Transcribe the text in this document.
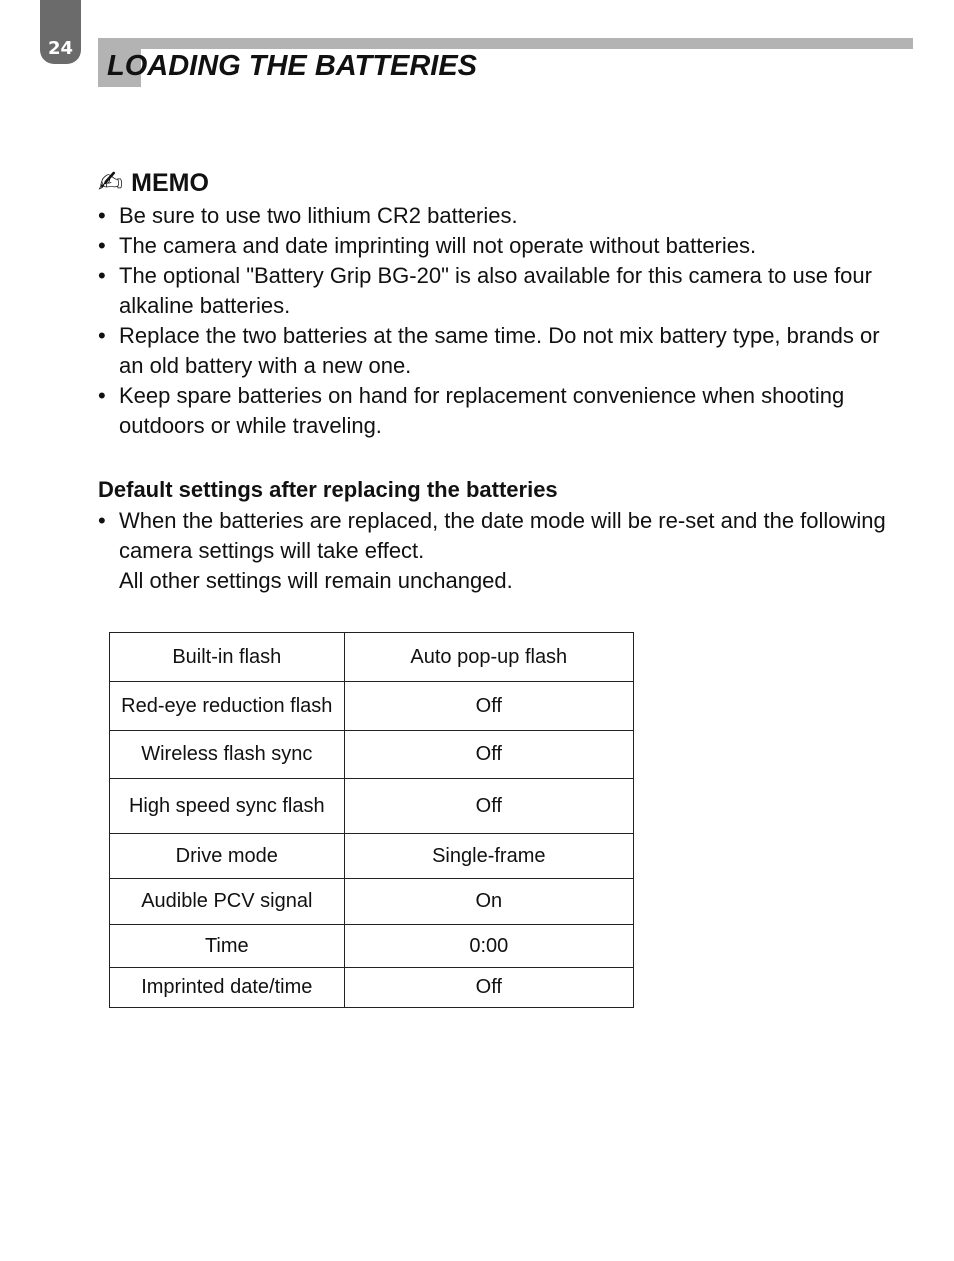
24
LOADING THE BATTERIES
✍ MEMO
• Be sure to use two lithium CR2 batteries.
• The camera and date imprinting will not operate without batteries.
• The optional "Battery Grip BG-20" is also available for this camera to use four alkaline batteries.
• Replace the two batteries at the same time. Do not mix battery type, brands or an old battery with a new one.
• Keep spare batteries on hand for replacement convenience when shooting outdoors or while traveling.
Default settings after replacing the batteries
• When the batteries are replaced, the date mode will be re-set and the following camera settings will take effect.
All other settings will remain unchanged.
Built-in flash	Auto pop-up flash
Red-eye reduction flash	Off
Wireless flash sync	Off
High speed sync flash	Off
Drive mode	Single-frame
Audible PCV signal	On
Time	0:00
Imprinted date/time	Off
